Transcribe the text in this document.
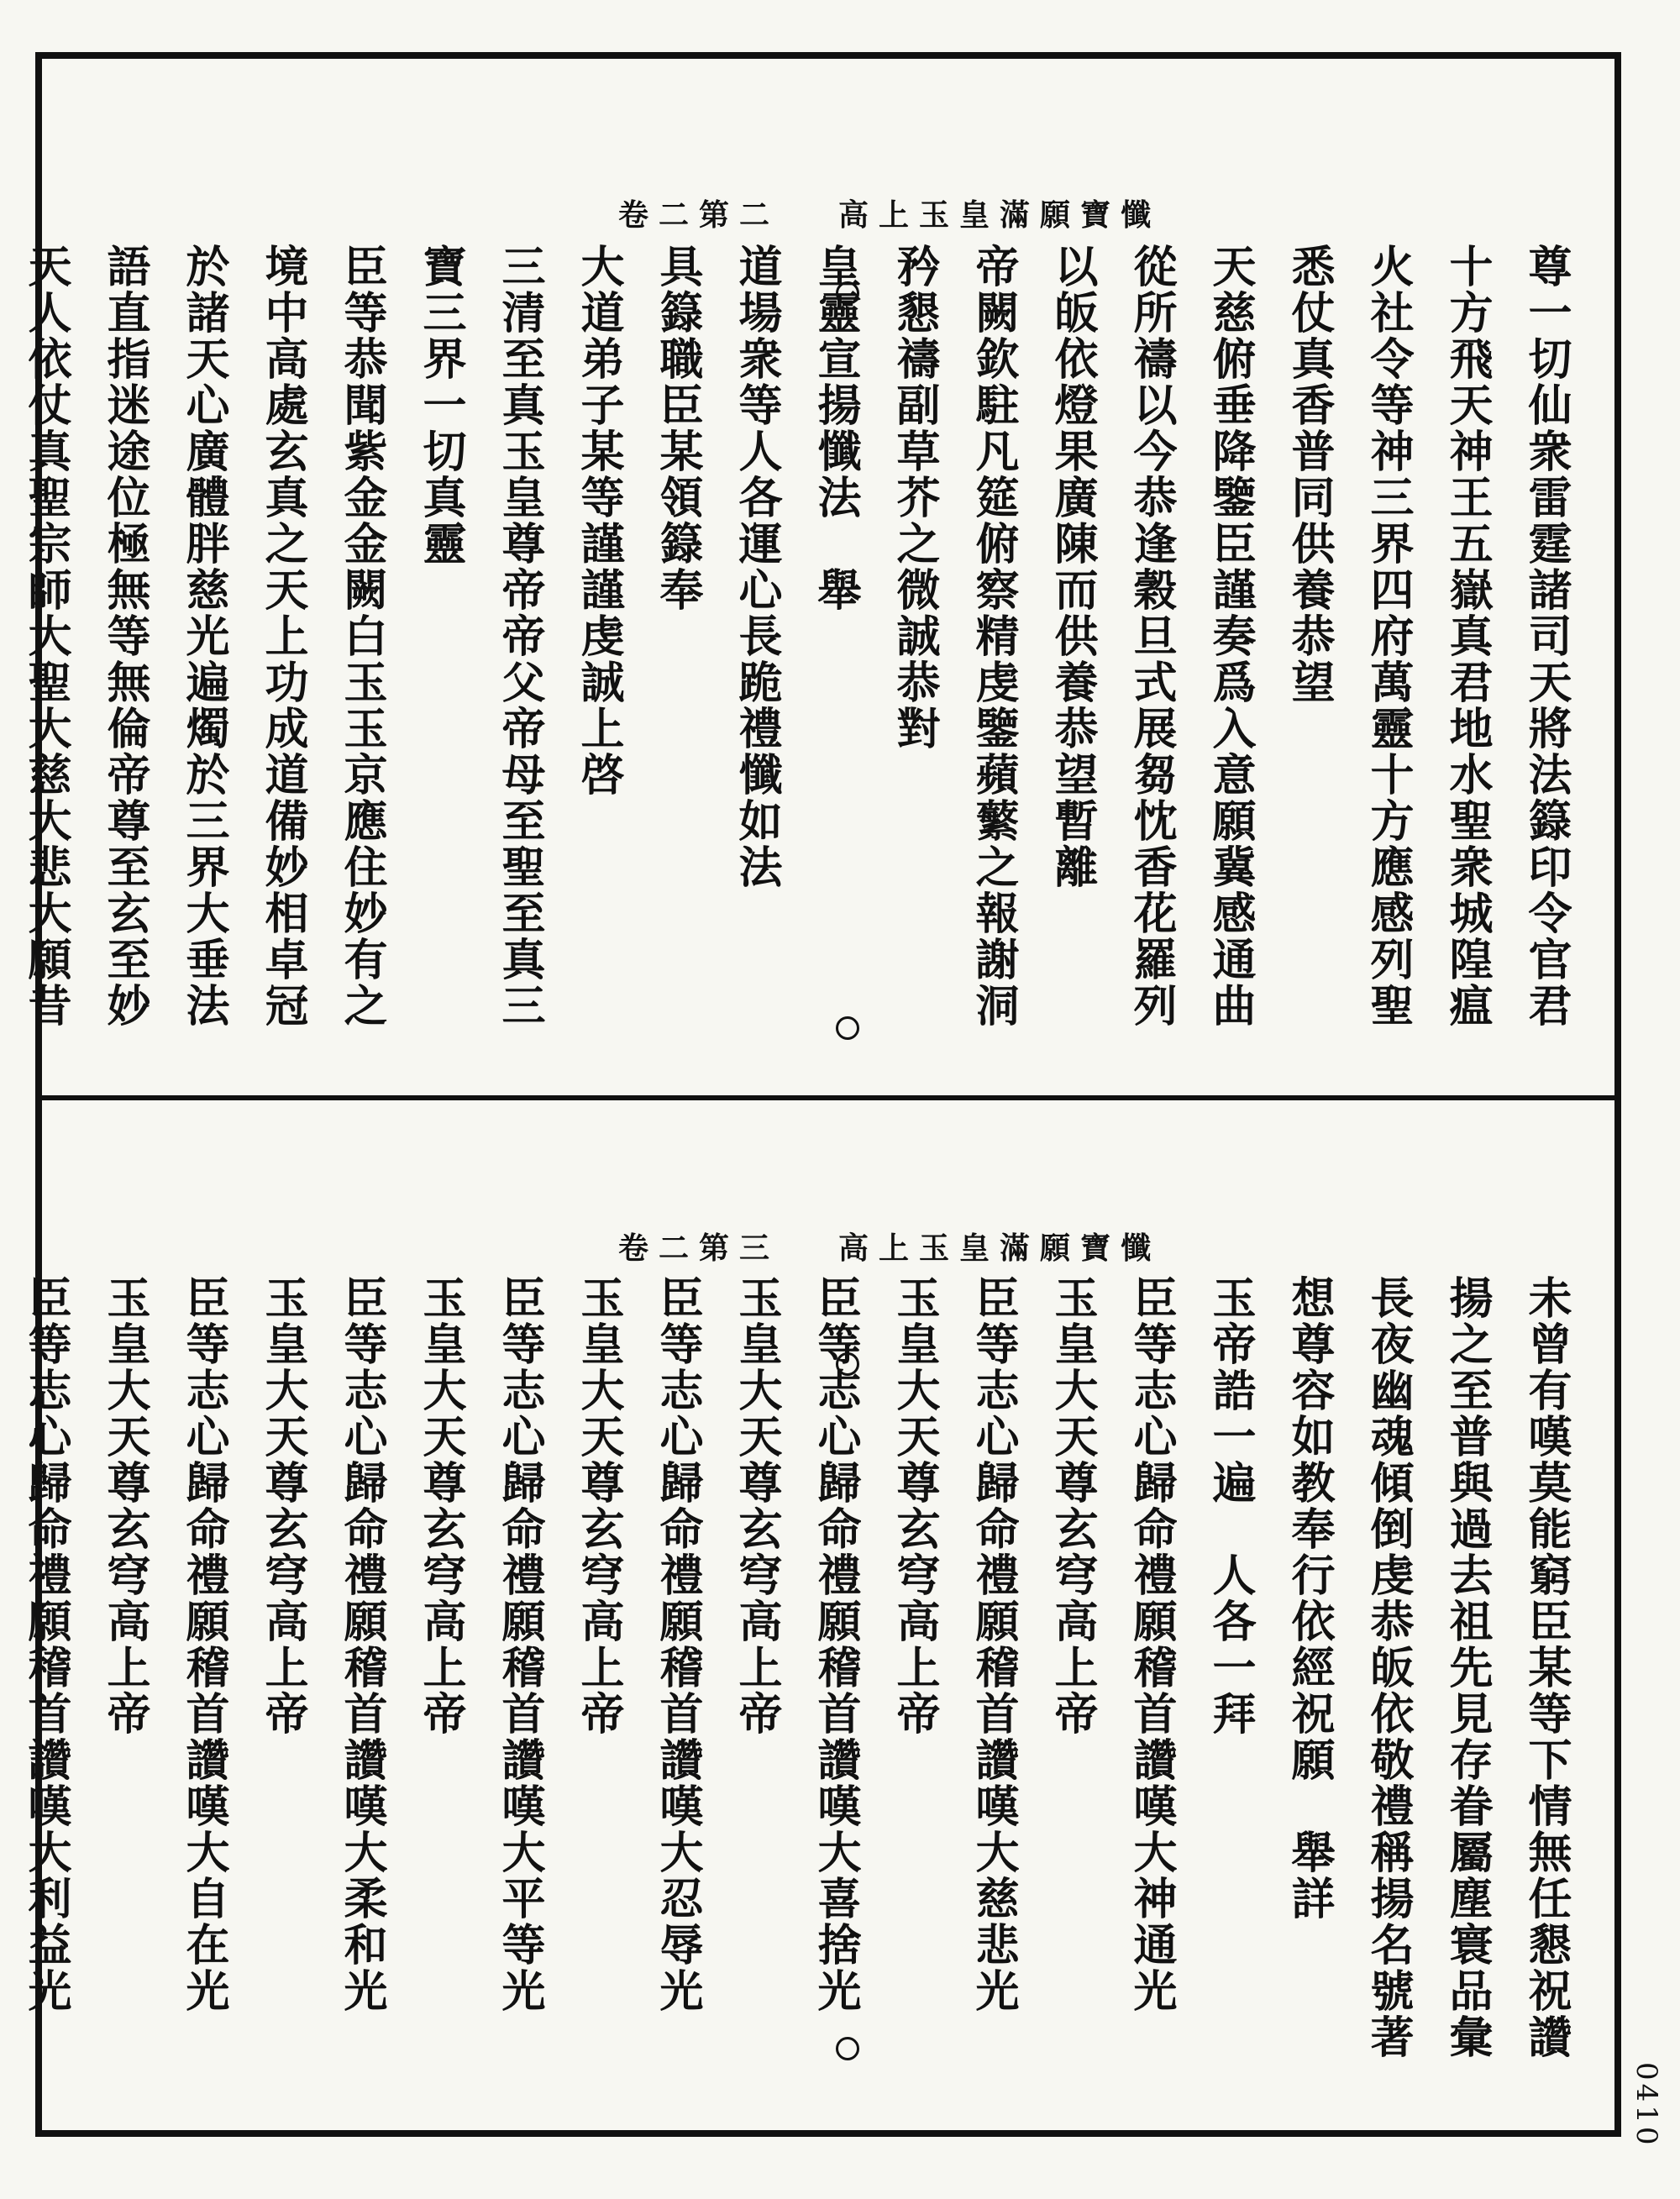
卷二第二 高上玉皇滿願寶懺
尊一切仙衆雷霆諸司天將法籙印令官君
十方飛天神王五嶽真君地水聖衆城隍瘟
火社令等神三界四府萬靈十方應感列聖
悉仗真香普同供養恭望
天慈俯垂降鑒臣謹奏爲入意願冀感通曲
從所禱以今恭逢穀旦式展芻忱香花羅列
以皈依燈果廣陳而供養恭望暫離
帝闕欽駐凡筵俯察精虔鑒蘋蘩之報謝洞
矜懇禱副草芥之微誠恭對
皇靈宣揚懺法　舉
道場衆等人各運心長跪禮懺如法
具籙職臣某領籙奉
大道弟子某等謹謹虔誠上啓
三清至真玉皇尊帝帝父帝母至聖至真三
寶三界一切真靈
臣等恭聞紫金金闕白玉玉京應住妙有之
境中高處玄真之天上功成道備妙相卓冠
於諸天心廣體胖慈光遍燭於三界大垂法
語直指迷途位極無等無倫帝尊至玄至妙
天人依仗真聖宗師大聖大慈大悲大願昔
卷二第三 高上玉皇滿願寶懺
未曾有嘆莫能窮臣某等下情無任懇祝讚
揚之至普與過去祖先見存眷屬塵寰品彙
長夜幽魂傾倒虔恭皈依敬禮稱揚名號著
想尊容如教奉行依經祝願　舉詳
玉帝誥一遍　人各一拜
臣等志心歸命禮願稽首讚嘆大神通光
玉皇大天尊玄穹高上帝
臣等志心歸命禮願稽首讚嘆大慈悲光
玉皇大天尊玄穹高上帝
臣等志心歸命禮願稽首讚嘆大喜捨光
玉皇大天尊玄穹高上帝
臣等志心歸命禮願稽首讚嘆大忍辱光
玉皇大天尊玄穹高上帝
臣等志心歸命禮願稽首讚嘆大平等光
玉皇大天尊玄穹高上帝
臣等志心歸命禮願稽首讚嘆大柔和光
玉皇大天尊玄穹高上帝
臣等志心歸命禮願稽首讚嘆大自在光
玉皇大天尊玄穹高上帝
臣等志心歸命禮願稽首讚嘆大利益光
0410
